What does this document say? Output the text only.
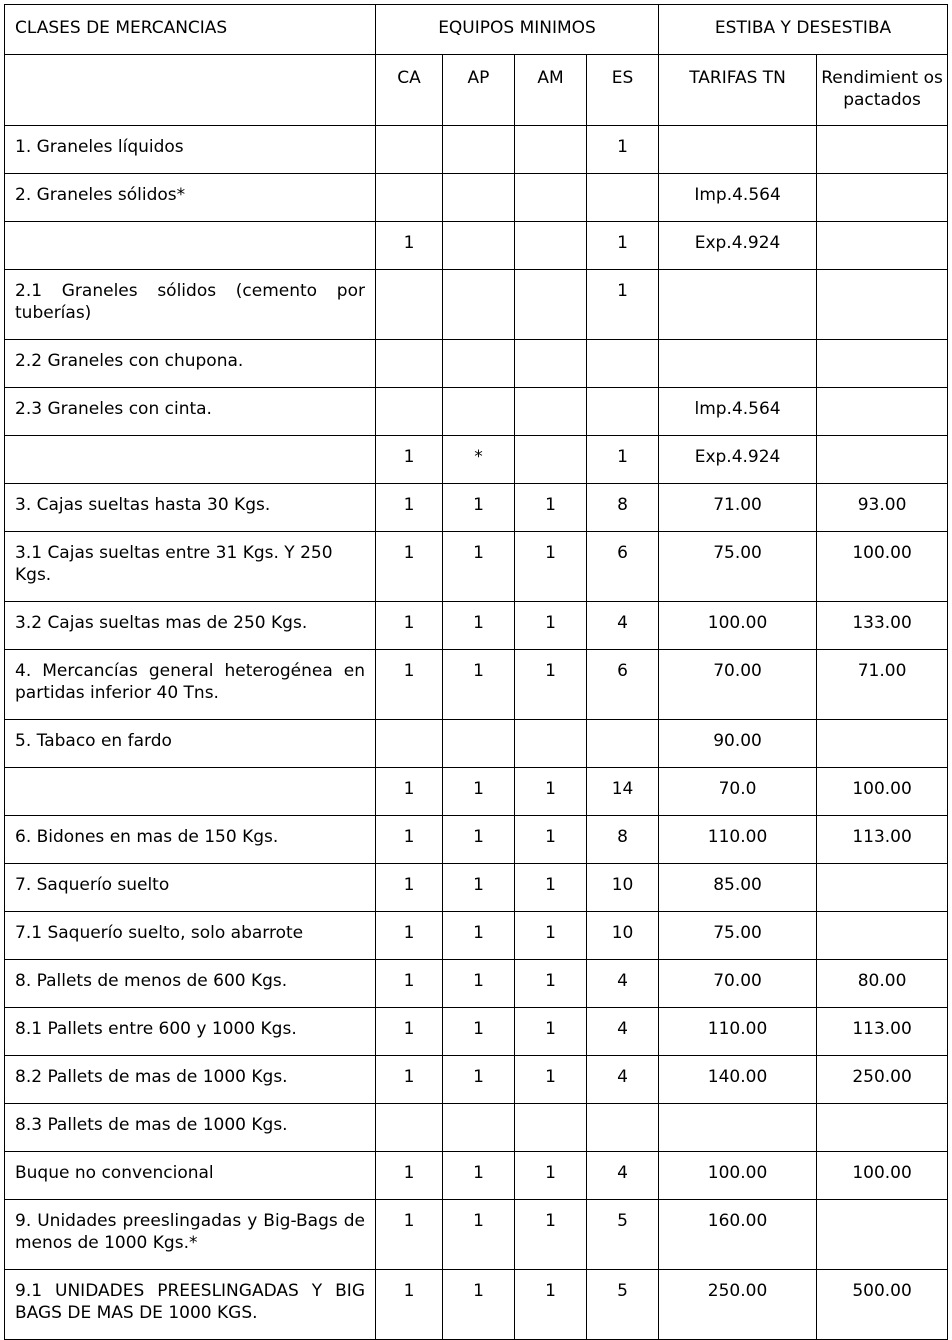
CLASES DE MERCANCIAS	EQUIPOS MINIMOS				ESTIBA Y DESESTIBA	
	CA	AP	AM	ES	TARIFAS TN	Rendimient os pactados
1. Graneles líquidos				1		
2. Graneles sólidos*					Imp.4.564	
	1			1	Exp.4.924	
2.1 Graneles sólidos (cemento por tuberías)				1		
2.2 Graneles con chupona.						
2.3 Graneles con cinta.					lmp.4.564	
	1	*		1	Exp.4.924	
3. Cajas sueltas hasta 30 Kgs.	1	1	1	8	71.00	93.00
3.1 Cajas sueltas entre 31 Kgs. Y 250 Kgs.	1	1	1	6	75.00	100.00
3.2 Cajas sueltas mas de 250 Kgs.	1	1	1	4	100.00	133.00
4. Mercancías general heterogénea en partidas inferior 40 Tns.	1	1	1	6	70.00	71.00
5. Tabaco en fardo					90.00	
	1	1	1	14	70.0	100.00
6. Bidones en mas de 150 Kgs.	1	1	1	8	110.00	113.00
7. Saquerío suelto	1	1	1	10	85.00	
7.1 Saquerío suelto, solo abarrote	1	1	1	10	75.00	
8. Pallets de menos de 600 Kgs.	1	1	1	4	70.00	80.00
8.1 Pallets entre 600 y 1000 Kgs.	1	1	1	4	110.00	113.00
8.2 Pallets de mas de 1000 Kgs.	1	1	1	4	140.00	250.00
8.3 Pallets de mas de 1000 Kgs.						
Buque no convencional	1	1	1	4	100.00	100.00
9. Unidades preeslingadas y Big-Bags de menos de 1000 Kgs.*	1	1	1	5	160.00	
9.1 UNIDADES PREESLINGADAS Y BIG BAGS DE MAS DE 1000 KGS.	1	1	1	5	250.00	500.00
